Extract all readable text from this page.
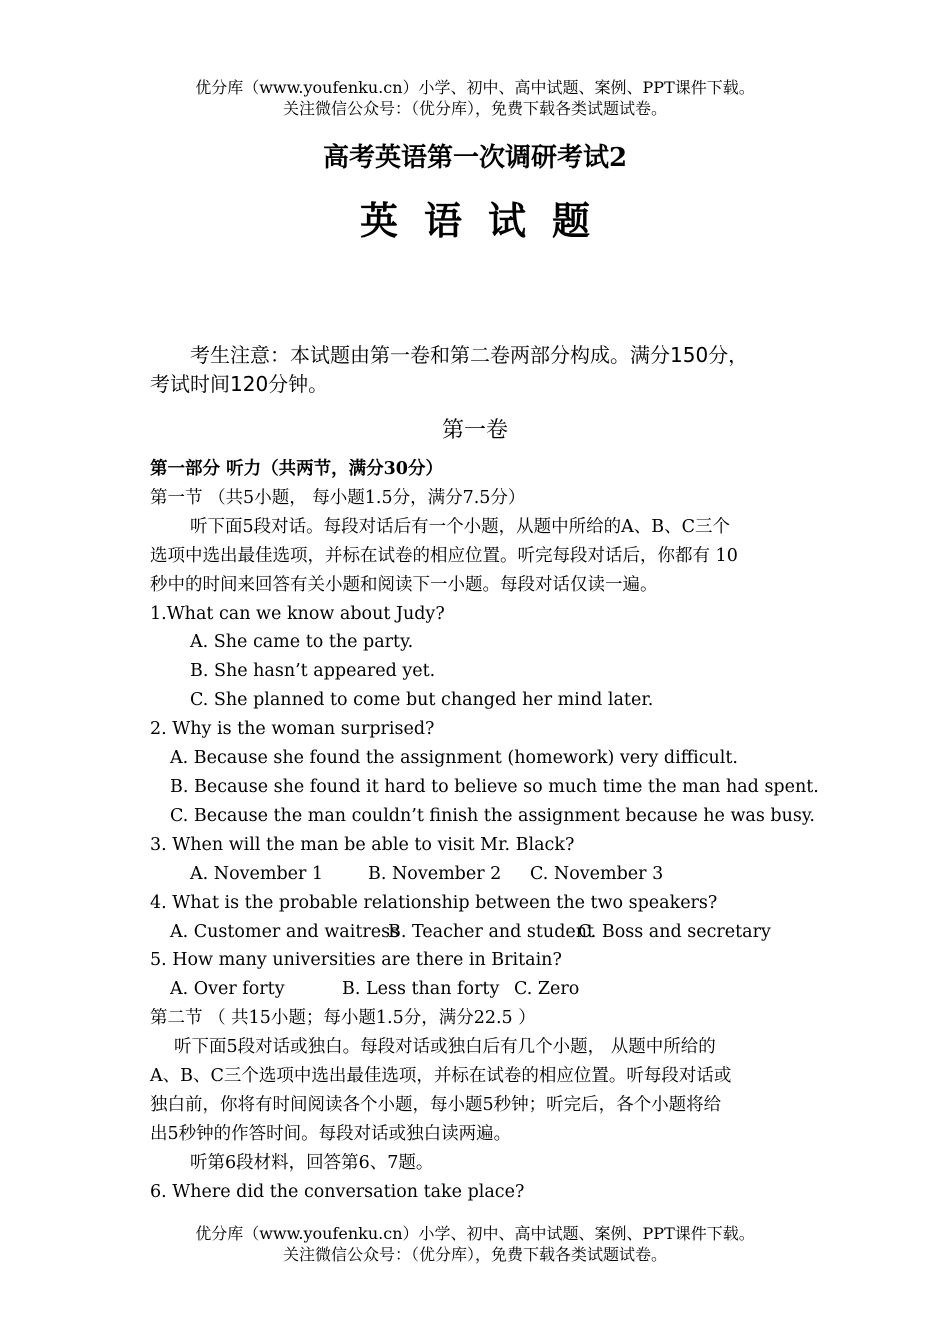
优分库（www.youfenku.cn）小学、初中、高中试题、案例、PPT课件下载。
关注微信公众号：（优分库），免费下载各类试题试卷。
高考英语第一次调研考试2
英语试题
考生注意：本试题由第一卷和第二卷两部分构成。满分150分，
考试时间120分钟。
第一卷

第一部分 听力（共两节，满分30分）

第一节 （共5小题， 每小题1.5分，满分7.5分）

听下面5段对话。每段对话后有一个小题，从题中所给的A、B、C三个

选项中选出最佳选项，并标在试卷的相应位置。听完每段对话后，你都有 10

秒中的时间来回答有关小题和阅读下一小题。每段对话仅读一遍。

1.What can we know about Judy?

A. She came to the party.

B. She hasn’t appeared yet.

C. She planned to come but changed her mind later.

2. Why is the woman surprised?

A. Because she found the assignment (homework) very difficult.

B. Because she found it hard to believe so much time the man had spent.

C. Because the man couldn’t finish the assignment because he was busy.

3. When will the man be able to visit Mr. Black?

A. November 1	B. November 2 C. November 3

4. What is the probable relationship between the two speakers?

A. Customer and waitressB. Teacher and studentC. Boss and secretary

5. How many universities are there in Britain?

A. Over forty	B. Less than forty C. Zero

第二节 （ 共15小题；每小题1.5分，满分22.5 ）

听下面5段对话或独白。每段对话或独白后有几个小题， 从题中所给的

A、B、C三个选项中选出最佳选项，并标在试卷的相应位置。听每段对话或

独白前，你将有时间阅读各个小题，每小题5秒钟；听完后，各个小题将给

出5秒钟的作答时间。每段对话或独白读两遍。

听第6段材料，回答第6、7题。

6. Where did the conversation take place?

优分库（www.youfenku.cn）小学、初中、高中试题、案例、PPT课件下载。
关注微信公众号：（优分库），免费下载各类试题试卷。
